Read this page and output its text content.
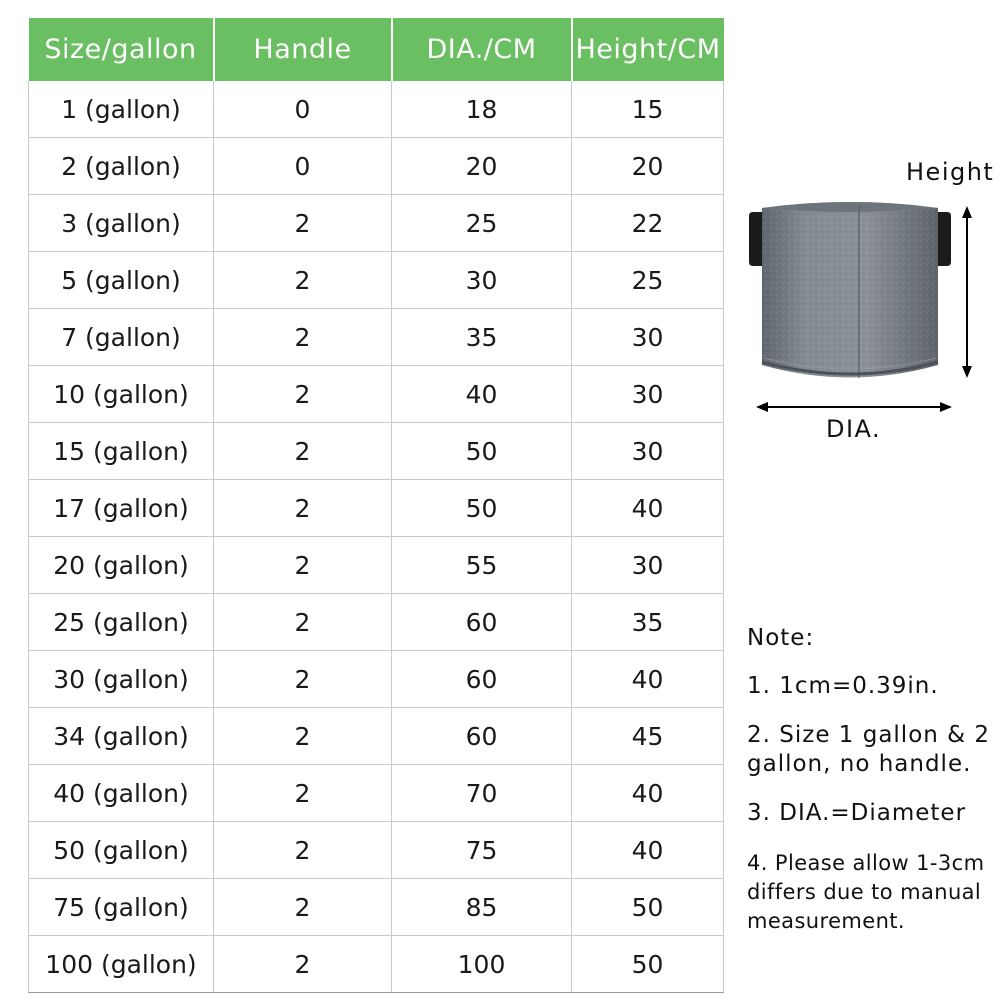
Size/gallon	Handle	DIA./CM	Height/CM
1 (gallon)	0	18	15
2 (gallon)	0	20	20
3 (gallon)	2	25	22
5 (gallon)	2	30	25
7 (gallon)	2	35	30
10 (gallon)	2	40	30
15 (gallon)	2	50	30
17 (gallon)	2	50	40
20 (gallon)	2	55	30
25 (gallon)	2	60	35
30 (gallon)	2	60	40
34 (gallon)	2	60	45
40 (gallon)	2	70	40
50 (gallon)	2	75	40
75 (gallon)	2	85	50
100 (gallon)	2	100	50
Height
DIA.

Note:

1. 1cm=0.39in.

2. Size 1 gallon & 2 gallon, no handle.

3. DIA.=Diameter

4. Please allow 1-3cm differs due to manual measurement.
